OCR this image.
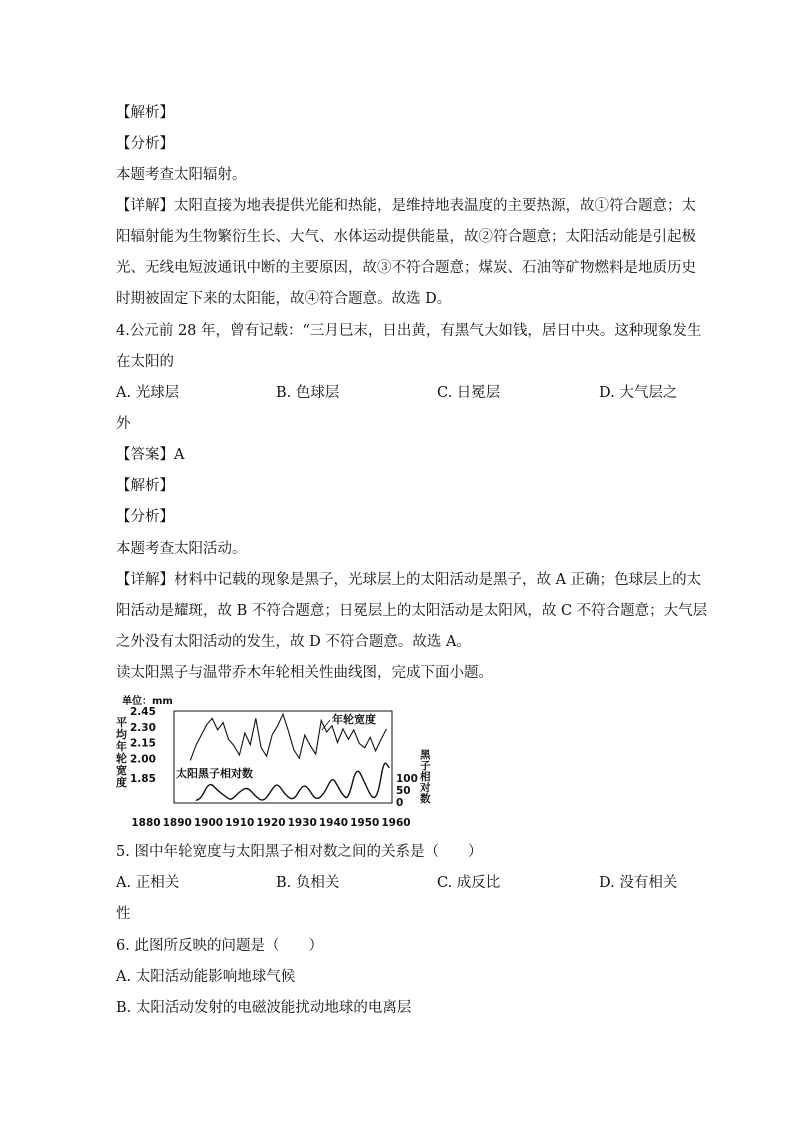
【解析】
【分析】
本题考查太阳辐射。
【详解】太阳直接为地表提供光能和热能，是维持地表温度的主要热源，故①符合题意；太
阳辐射能为生物繁衍生长、大气、水体运动提供能量，故②符合题意；太阳活动能是引起极
光、无线电短波通讯中断的主要原因，故③不符合题意；煤炭、石油等矿物燃料是地质历史
时期被固定下来的太阳能，故④符合题意。故选 D。
4.公元前 28 年，曾有记载：“三月巳末，日出黄，有黑气大如钱，居日中央。这种现象发生
在太阳的
A. 光球层	B. 色球层	C. 日冕层	D. 大气层之
外
【答案】A
【解析】
【分析】
本题考查太阳活动。
【详解】材料中记载的现象是黑子，光球层上的太阳活动是黑子，故 A 正确；色球层上的太
阳活动是耀斑，故 B 不符合题意；日冕层上的太阳活动是太阳风，故 C 不符合题意；大气层
之外没有太阳活动的发生，故 D 不符合题意。故选 A。
读太阳黑子与温带乔木年轮相关性曲线图，完成下面小题。
单位：mm
平
均
年
轮
宽
度
黑
子
相
对
数
2.45
2.30
2.15
2.00
1.85	100
50
0
1880 1890 1900 1910 1920 1930 1940 1950 1960
年轮宽度
太阳黑子相对数
5. 图中年轮宽度与太阳黑子相对数之间的关系是（　　）
A. 正相关	B. 负相关	C. 成反比	D. 没有相关
性
6. 此图所反映的问题是（　　）
A. 太阳活动能影响地球气候
B. 太阳活动发射的电磁波能扰动地球的电离层
